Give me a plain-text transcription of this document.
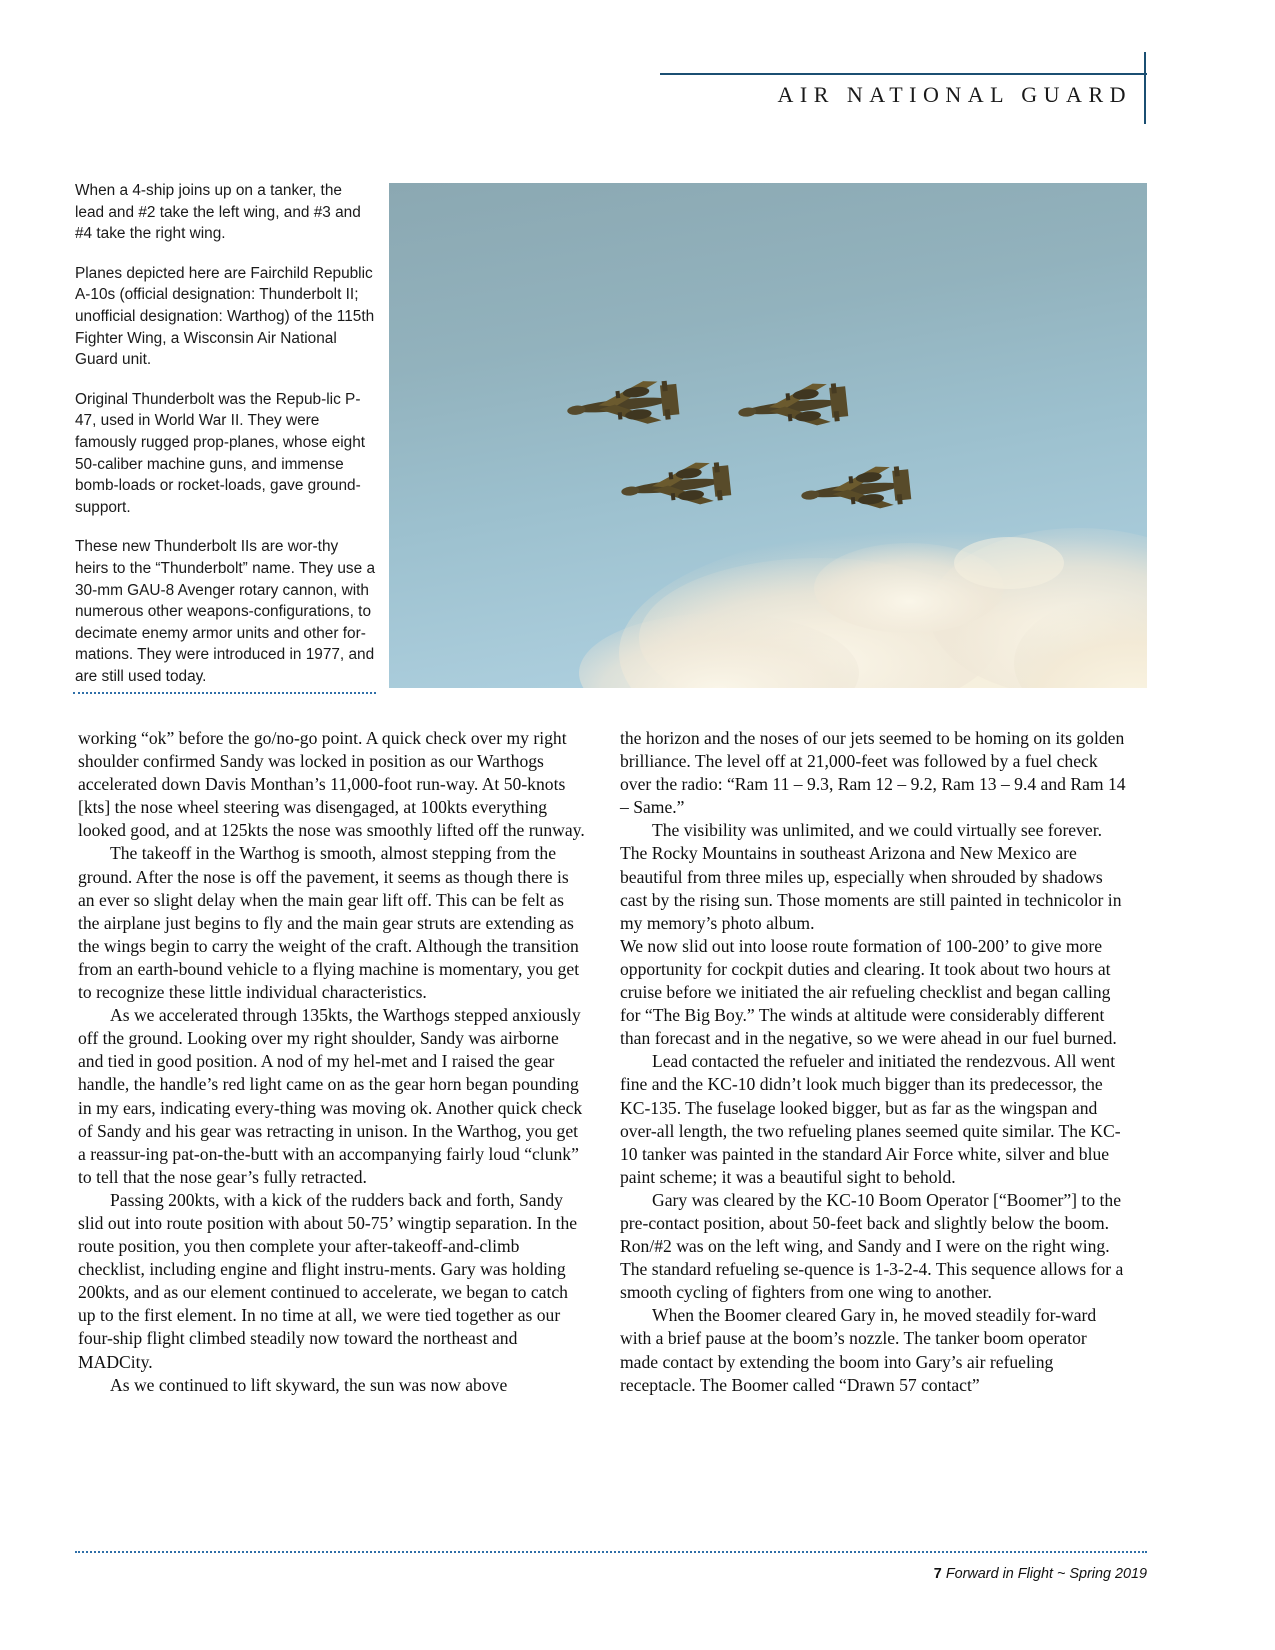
AIR NATIONAL GUARD

When a 4-ship joins up on a tanker, the lead and #2 take the left wing, and #3 and #4 take the right wing.

Planes depicted here are Fairchild Republic A-10s (official designation: Thunderbolt II; unofficial designation: Warthog) of the 115th Fighter Wing, a Wisconsin Air National Guard unit.

Original Thunderbolt was the Repub-lic P-47, used in World War II. They were famously rugged prop-planes, whose eight 50-caliber machine guns, and immense bomb-loads or rocket-loads, gave ground-support.

These new Thunderbolt IIs are wor-thy heirs to the “Thunderbolt” name. They use a 30-mm GAU-8 Avenger rotary cannon, with numerous other weapons-configurations, to decimate enemy armor units and other for-mations. They were introduced in 1977, and are still used today.

working “ok” before the go/no-go point. A quick check over my right shoulder confirmed Sandy was locked in position as our Warthogs accelerated down Davis Monthan’s 11,000-foot run-way. At 50-knots [kts] the nose wheel steering was disengaged, at 100kts everything looked good, and at 125kts the nose was smoothly lifted off the runway.

The takeoff in the Warthog is smooth, almost stepping from the ground. After the nose is off the pavement, it seems as though there is an ever so slight delay when the main gear lift off. This can be felt as the airplane just begins to fly and the main gear struts are extending as the wings begin to carry the weight of the craft. Although the transition from an earth-bound vehicle to a flying machine is momentary, you get to recognize these little individual characteristics.

As we accelerated through 135kts, the Warthogs stepped anxiously off the ground. Looking over my right shoulder, Sandy was airborne and tied in good position. A nod of my hel-met and I raised the gear handle, the handle’s red light came on as the gear horn began pounding in my ears, indicating every-thing was moving ok. Another quick check of Sandy and his gear was retracting in unison. In the Warthog, you get a reassur-ing pat-on-the-butt with an accompanying fairly loud “clunk” to tell that the nose gear’s fully retracted.

Passing 200kts, with a kick of the rudders back and forth, Sandy slid out into route position with about 50-75’ wingtip separation. In the route position, you then complete your after-takeoff-and-climb checklist, including engine and flight instru-ments. Gary was holding 200kts, and as our element continued to accelerate, we began to catch up to the first element. In no time at all, we were tied together as our four-ship flight climbed steadily now toward the northeast and MADCity.

As we continued to lift skyward, the sun was now above

the horizon and the noses of our jets seemed to be homing on its golden brilliance. The level off at 21,000-feet was followed by a fuel check over the radio: “Ram 11 – 9.3, Ram 12 – 9.2, Ram 13 – 9.4 and Ram 14 – Same.”

The visibility was unlimited, and we could virtually see forever. The Rocky Mountains in southeast Arizona and New Mexico are beautiful from three miles up, especially when shrouded by shadows cast by the rising sun. Those moments are still painted in technicolor in my memory’s photo album.

We now slid out into loose route formation of 100-200’ to give more opportunity for cockpit duties and clearing. It took about two hours at cruise before we initiated the air refueling checklist and began calling for “The Big Boy.” The winds at altitude were considerably different than forecast and in the negative, so we were ahead in our fuel burned.

Lead contacted the refueler and initiated the rendezvous. All went fine and the KC-10 didn’t look much bigger than its predecessor, the KC-135. The fuselage looked bigger, but as far as the wingspan and over-all length, the two refueling planes seemed quite similar. The KC-10 tanker was painted in the standard Air Force white, silver and blue paint scheme; it was a beautiful sight to behold.

Gary was cleared by the KC-10 Boom Operator [“Boomer”] to the pre-contact position, about 50-feet back and slightly below the boom. Ron/#2 was on the left wing, and Sandy and I were on the right wing. The standard refueling se-quence is 1-3-2-4. This sequence allows for a smooth cycling of fighters from one wing to another.

When the Boomer cleared Gary in, he moved steadily for-ward with a brief pause at the boom’s nozzle. The tanker boom operator made contact by extending the boom into Gary’s air refueling receptacle. The Boomer called “Drawn 57 contact”

7 Forward in Flight ~ Spring 2019
